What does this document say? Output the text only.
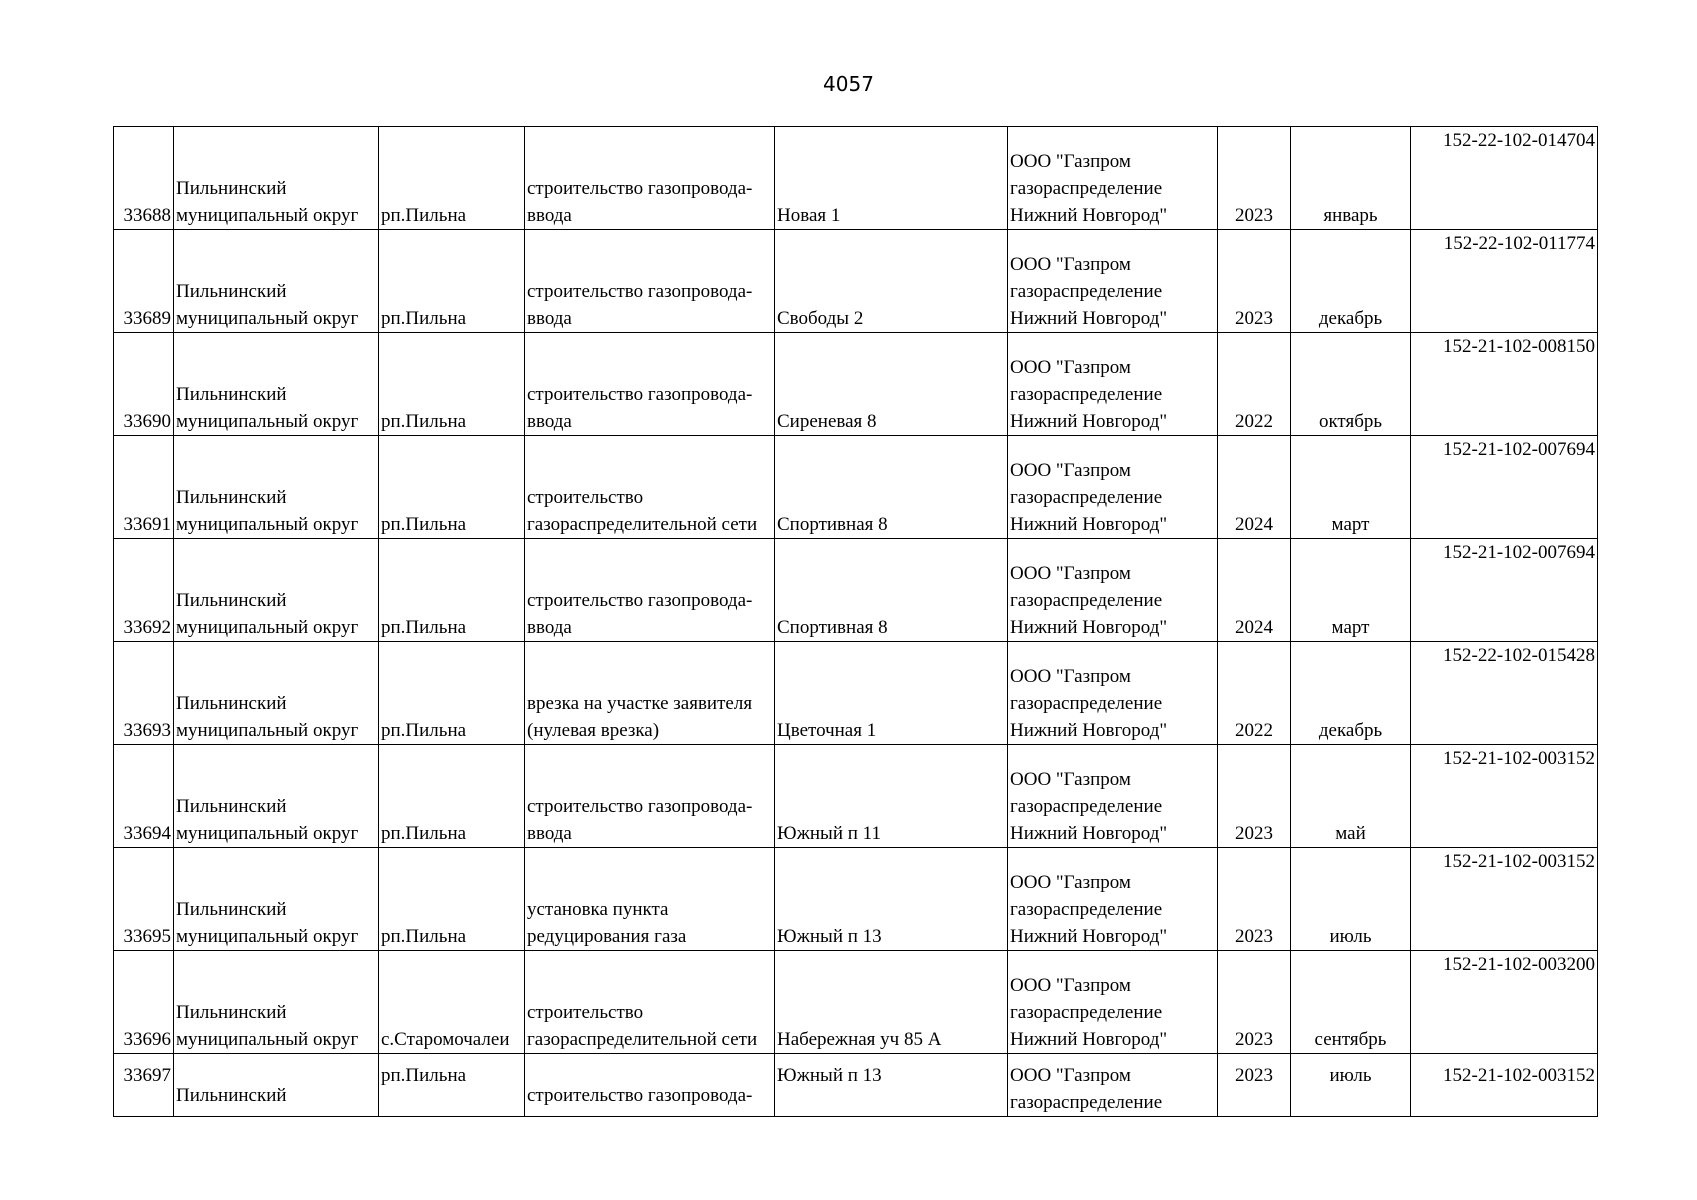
4057
33688	Пильнинский
муниципальный округ	рп.Пильна	строительство газопровода-
ввода	Новая 1	ООО "Газпром
газораспределение
Нижний Новгород"	2023	январь	152-22-102-014704
33689	Пильнинский
муниципальный округ	рп.Пильна	строительство газопровода-
ввода	Свободы 2	ООО "Газпром
газораспределение
Нижний Новгород"	2023	декабрь	152-22-102-011774
33690	Пильнинский
муниципальный округ	рп.Пильна	строительство газопровода-
ввода	Сиреневая 8	ООО "Газпром
газораспределение
Нижний Новгород"	2022	октябрь	152-21-102-008150
33691	Пильнинский
муниципальный округ	рп.Пильна	строительство
газораспределительной сети	Спортивная 8	ООО "Газпром
газораспределение
Нижний Новгород"	2024	март	152-21-102-007694
33692	Пильнинский
муниципальный округ	рп.Пильна	строительство газопровода-
ввода	Спортивная 8	ООО "Газпром
газораспределение
Нижний Новгород"	2024	март	152-21-102-007694
33693	Пильнинский
муниципальный округ	рп.Пильна	врезка на участке заявителя
(нулевая врезка)	Цветочная 1	ООО "Газпром
газораспределение
Нижний Новгород"	2022	декабрь	152-22-102-015428
33694	Пильнинский
муниципальный округ	рп.Пильна	строительство газопровода-
ввода	Южный п 11	ООО "Газпром
газораспределение
Нижний Новгород"	2023	май	152-21-102-003152
33695	Пильнинский
муниципальный округ	рп.Пильна	установка пункта
редуцирования газа	Южный п 13	ООО "Газпром
газораспределение
Нижний Новгород"	2023	июль	152-21-102-003152
33696	Пильнинский
муниципальный округ	с.Старомочалеи	строительство
газораспределительной сети	Набережная уч 85 А	ООО "Газпром
газораспределение
Нижний Новгород"	2023	сентябрь	152-21-102-003200
33697	Пильнинский	рп.Пильна	строительство газопровода-	Южный п 13	ООО "Газпром
газораспределение	2023	июль	152-21-102-003152
